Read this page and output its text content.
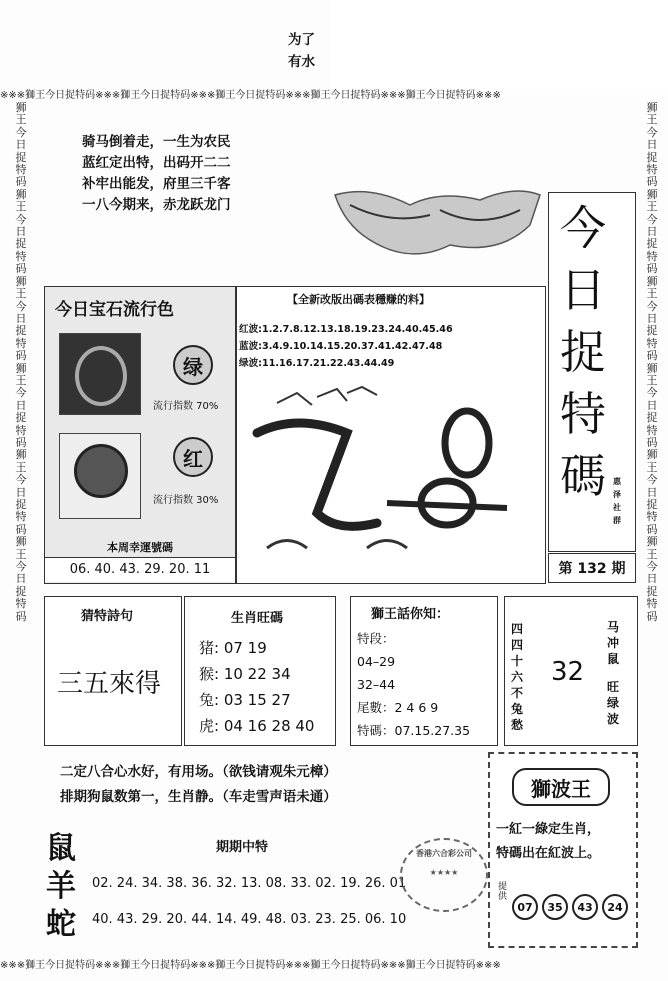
为了
有水
※※※獅王今日捉特码※※※獅王今日捉特码※※※獅王今日捉特码※※※獅王今日捉特码※※※獅王今日捉特码※※※
※※※獅王今日捉特码※※※獅王今日捉特码※※※獅王今日捉特码※※※獅王今日捉特码※※※獅王今日捉特码※※※
狮王今日捉特码狮王今日捉特码狮王今日捉特码狮王今日捉特码狮王今日捉特码狮王今日捉特码
狮王今日捉特码狮王今日捉特码狮王今日捉特码狮王今日捉特码狮王今日捉特码狮王今日捉特码
骑马倒着走，一生为农民
蓝红定出特，出码开二二
补牢出能发，府里三千客
一八今期来，赤龙跃龙门	今
日
捉
特
碼 惠
泽
社
群
第 132 期
今日宝石流行色
绿
流行指数 70%
红
流行指数 30%
本周幸運號碼
06. 40. 43. 29. 20. 11
【全新改版出碼表穩赚的料】
红波:1.2.7.8.12.13.18.19.23.24.40.45.46
蓝波:3.4.9.10.14.15.20.37.41.42.47.48
绿波:11.16.17.21.22.43.44.49
猜特詩句
三五來得
生肖旺碼
猪: 07 19
猴: 10 22 34
兔: 03 15 27
虎: 04 16 28 40
獅王話你知：
特段：
04–29
32–44
尾數：2 4 6 9
特碼：07.15.27.35
四
四
十
六
不
兔
愁
32
马
冲
鼠
旺
绿
波
二定八合心水好，有用场。（欲钱请观朱元樟）
排期狗鼠数第一，生肖静。（车走雪声语未通）	獅波王
一紅一綠定生肖，
特碼出在紅波上。
提供
07	35	43	24
鼠
羊
蛇
期期中特
02. 24. 34. 38. 36. 32. 13. 08. 33. 02. 19. 26. 01
40. 43. 29. 20. 44. 14. 49. 48. 03. 23. 25. 06. 10
香港六合彩公司
★★★★
